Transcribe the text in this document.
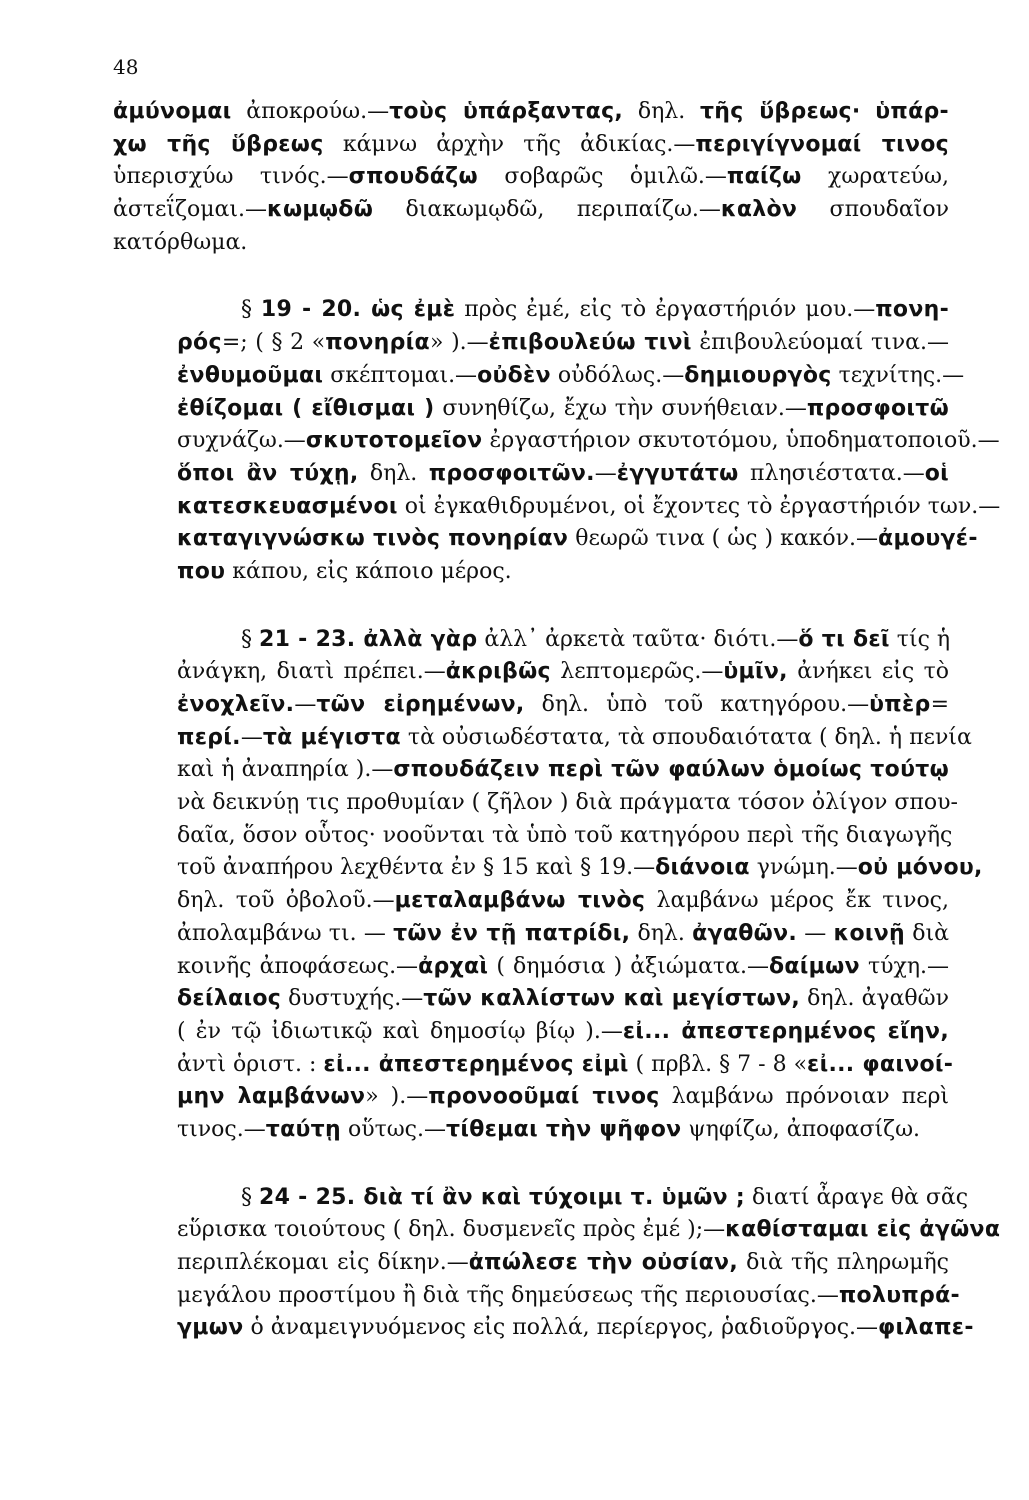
48
ἀμύνομαι ἀποκρούω.—τοὺς ὑπάρξαντας, δηλ. τῆς ὕβρεως· ὑπάρ-
χω τῆς ὕβρεως κάμνω ἀρχὴν τῆς ἀδικίας.—περιγίγνομαί τινος
ὑπερισχύω τινός.—σπουδάζω σοβαρῶς ὁμιλῶ.—παίζω χωρατεύω,
ἀστεΐζομαι.—κωμῳδῶ διακωμῳδῶ, περιπαίζω.—καλὸν σπουδαῖον
κατόρθωμα.
§ 19 - 20. ὡς ἐμὲ πρὸς ἐμέ, εἰς τὸ ἐργαστήριόν μου.—πονη-
ρός=; ( § 2 «πονηρία» ).—ἐπιβουλεύω τινὶ ἐπιβουλεύομαί τινα.—
ἐνθυμοῦμαι σκέπτομαι.—οὐδὲν οὐδόλως.—δημιουργὸς τεχνίτης.—
ἐθίζομαι ( εἴθισμαι ) συνηθίζω, ἔχω τὴν συνήθειαν.—προσφοιτῶ
συχνάζω.—σκυτοτομεῖον ἐργαστήριον σκυτοτόμου, ὑποδηματοποιοῦ.—
ὅποι ἂν τύχῃ, δηλ. προσφοιτῶν.—ἐγγυτάτω πλησιέστατα.—οἱ
κατεσκευασμένοι οἱ ἐγκαθιδρυμένοι, οἱ ἔχοντες τὸ ἐργαστήριόν των.—
καταγιγνώσκω τινὸς πονηρίαν θεωρῶ τινα ( ὡς ) κακόν.—ἀμουγέ-
που κάπου, εἰς κάποιο μέρος.
§ 21 - 23. ἀλλὰ γὰρ ἀλλ᾽ ἀρκετὰ ταῦτα· διότι.—ὅ τι δεῖ τίς ἡ
ἀνάγκη, διατὶ πρέπει.—ἀκριβῶς λεπτομερῶς.—ὑμῖν, ἀνήκει εἰς τὸ
ἐνοχλεῖν.—τῶν εἰρημένων, δηλ. ὑπὸ τοῦ κατηγόρου.—ὑπὲρ=
περί.—τὰ μέγιστα τὰ οὐσιωδέστατα, τὰ σπουδαιότατα ( δηλ. ἡ πενία
καὶ ἡ ἀναπηρία ).—σπουδάζειν περὶ τῶν φαύλων ὁμοίως τούτῳ
νὰ δεικνύῃ τις προθυμίαν ( ζῆλον ) διὰ πράγματα τόσον ὀλίγον σπου-
δαῖα, ὅσον οὗτος· νοοῦνται τὰ ὑπὸ τοῦ κατηγόρου περὶ τῆς διαγωγῆς
τοῦ ἀναπήρου λεχθέντα ἐν § 15 καὶ § 19.—διάνοια γνώμη.—οὐ μόνου,
δηλ. τοῦ ὀβολοῦ.—μεταλαμβάνω τινὸς λαμβάνω μέρος ἔκ τινος,
ἀπολαμβάνω τι. — τῶν ἐν τῇ πατρίδι, δηλ. ἀγαθῶν. — κοινῇ διὰ
κοινῆς ἀποφάσεως.—ἀρχαὶ ( δημόσια ) ἀξιώματα.—δαίμων τύχη.—
δείλαιος δυστυχής.—τῶν καλλίστων καὶ μεγίστων, δηλ. ἀγαθῶν
( ἐν τῷ ἰδιωτικῷ καὶ δημοσίῳ βίῳ ).—εἰ... ἀπεστερημένος εἴην,
ἀντὶ ὁριστ. : εἰ... ἀπεστερημένος εἰμὶ ( πρβλ. § 7 - 8 «εἰ... φαινοί-
μην λαμβάνων» ).—προνοοῦμαί τινος λαμβάνω πρόνοιαν περὶ
τινος.—ταύτῃ οὕτως.—τίθεμαι τὴν ψῆφον ψηφίζω, ἀποφασίζω.
§ 24 - 25. διὰ τί ἂν καὶ τύχοιμι τ. ὑμῶν ; διατί ἆραγε θὰ σᾶς
εὕρισκα τοιούτους ( δηλ. δυσμενεῖς πρὸς ἐμέ );—καθίσταμαι εἰς ἀγῶνα
περιπλέκομαι εἰς δίκην.—ἀπώλεσε τὴν οὐσίαν, διὰ τῆς πληρωμῆς
μεγάλου προστίμου ἢ διὰ τῆς δημεύσεως τῆς περιουσίας.—πολυπρά-
γμων ὁ ἀναμειγνυόμενος εἰς πολλά, περίεργος, ῥαδιοῦργος.—φιλαπε-
